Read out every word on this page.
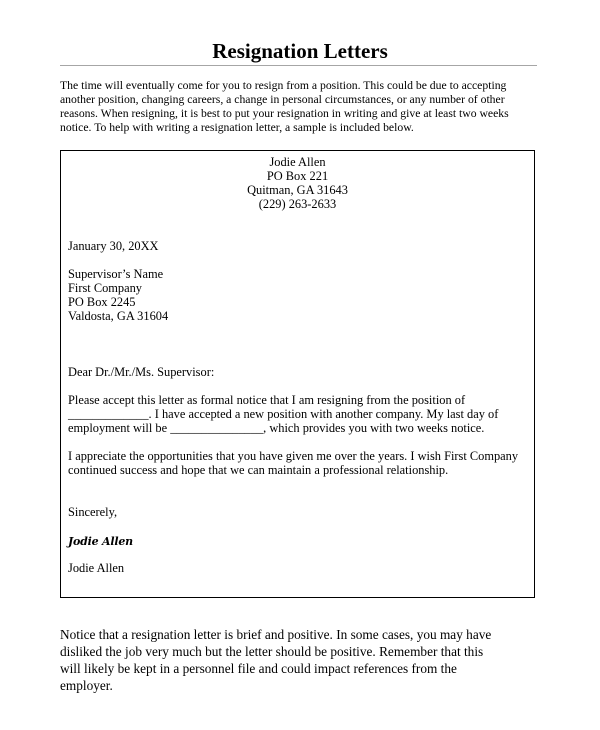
Resignation Letters
The time will eventually come for you to resign from a position. This could be due to accepting
another position, changing careers, a change in personal circumstances, or any number of other
reasons. When resigning, it is best to put your resignation in writing and give at least two weeks
notice. To help with writing a resignation letter, a sample is included below.
Jodie Allen
PO Box 221
Quitman, GA 31643
(229) 263-2633
January 30, 20XX
Supervisor’s Name
First Company
PO Box 2245
Valdosta, GA 31604
Dear Dr./Mr./Ms. Supervisor:
Please accept this letter as formal notice that I am resigning from the position of
_____________. I have accepted a new position with another company. My last day of
employment will be _______________, which provides you with two weeks notice.
I appreciate the opportunities that you have given me over the years. I wish First Company
continued success and hope that we can maintain a professional relationship.
Sincerely,
Jodie Allen
Jodie Allen
Notice that a resignation letter is brief and positive. In some cases, you may have
disliked the job very much but the letter should be positive. Remember that this
will likely be kept in a personnel file and could impact references from the
employer.
